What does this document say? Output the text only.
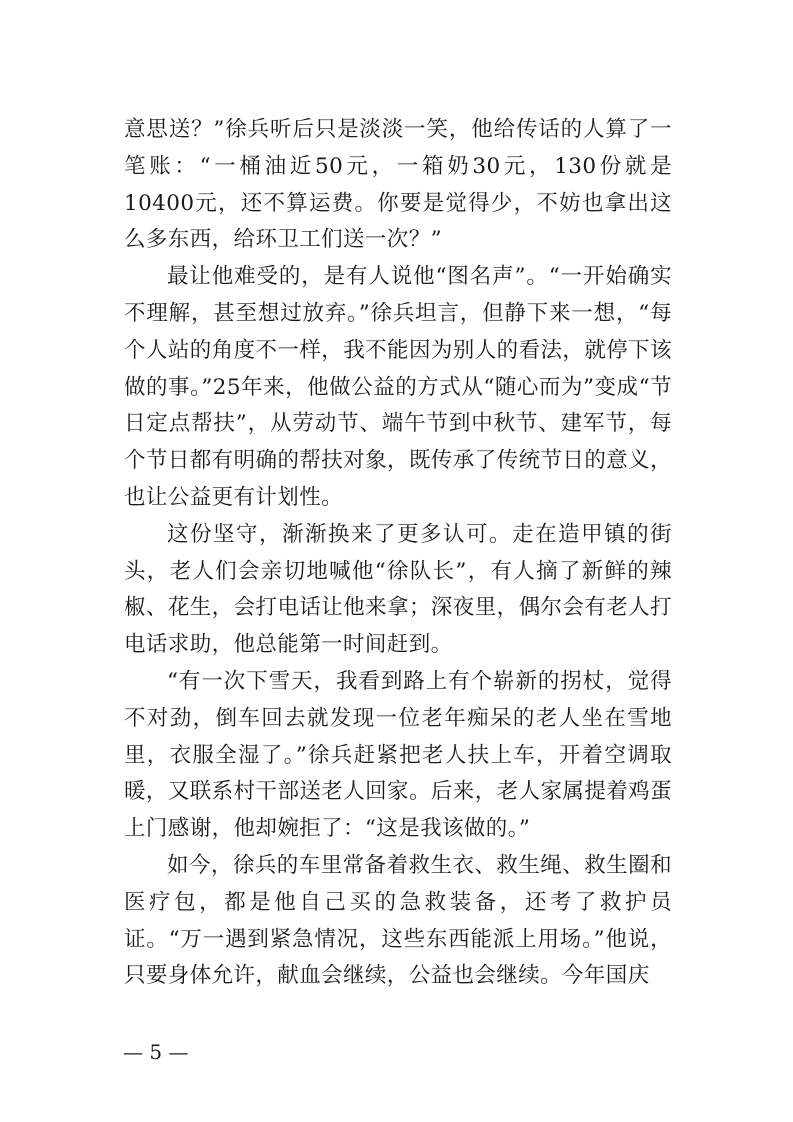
意思送？”徐兵听后只是淡淡一笑，他给传话的人算了一笔账：“一桶油近50元，一箱奶30元，130份就是10400元，还不算运费。你要是觉得少，不妨也拿出这么多东西，给环卫工们送一次？”

最让他难受的，是有人说他“图名声”。“一开始确实不理解，甚至想过放弃。”徐兵坦言，但静下来一想，“每个人站的角度不一样，我不能因为别人的看法，就停下该做的事。”25年来，他做公益的方式从“随心而为”变成“节日定点帮扶”，从劳动节、端午节到中秋节、建军节，每个节日都有明确的帮扶对象，既传承了传统节日的意义，也让公益更有计划性。

这份坚守，渐渐换来了更多认可。走在造甲镇的街头，老人们会亲切地喊他“徐队长”，有人摘了新鲜的辣椒、花生，会打电话让他来拿；深夜里，偶尔会有老人打电话求助，他总能第一时间赶到。

“有一次下雪天，我看到路上有个崭新的拐杖，觉得不对劲，倒车回去就发现一位老年痴呆的老人坐在雪地里，衣服全湿了。”徐兵赶紧把老人扶上车，开着空调取暖，又联系村干部送老人回家。后来，老人家属提着鸡蛋上门感谢，他却婉拒了：“这是我该做的。”

如今，徐兵的车里常备着救生衣、救生绳、救生圈和医疗包，都是他自己买的急救装备，还考了救护员证。“万一遇到紧急情况，这些东西能派上用场。”他说，只要身体允许，献血会继续，公益也会继续。今年国庆

— 5 —
